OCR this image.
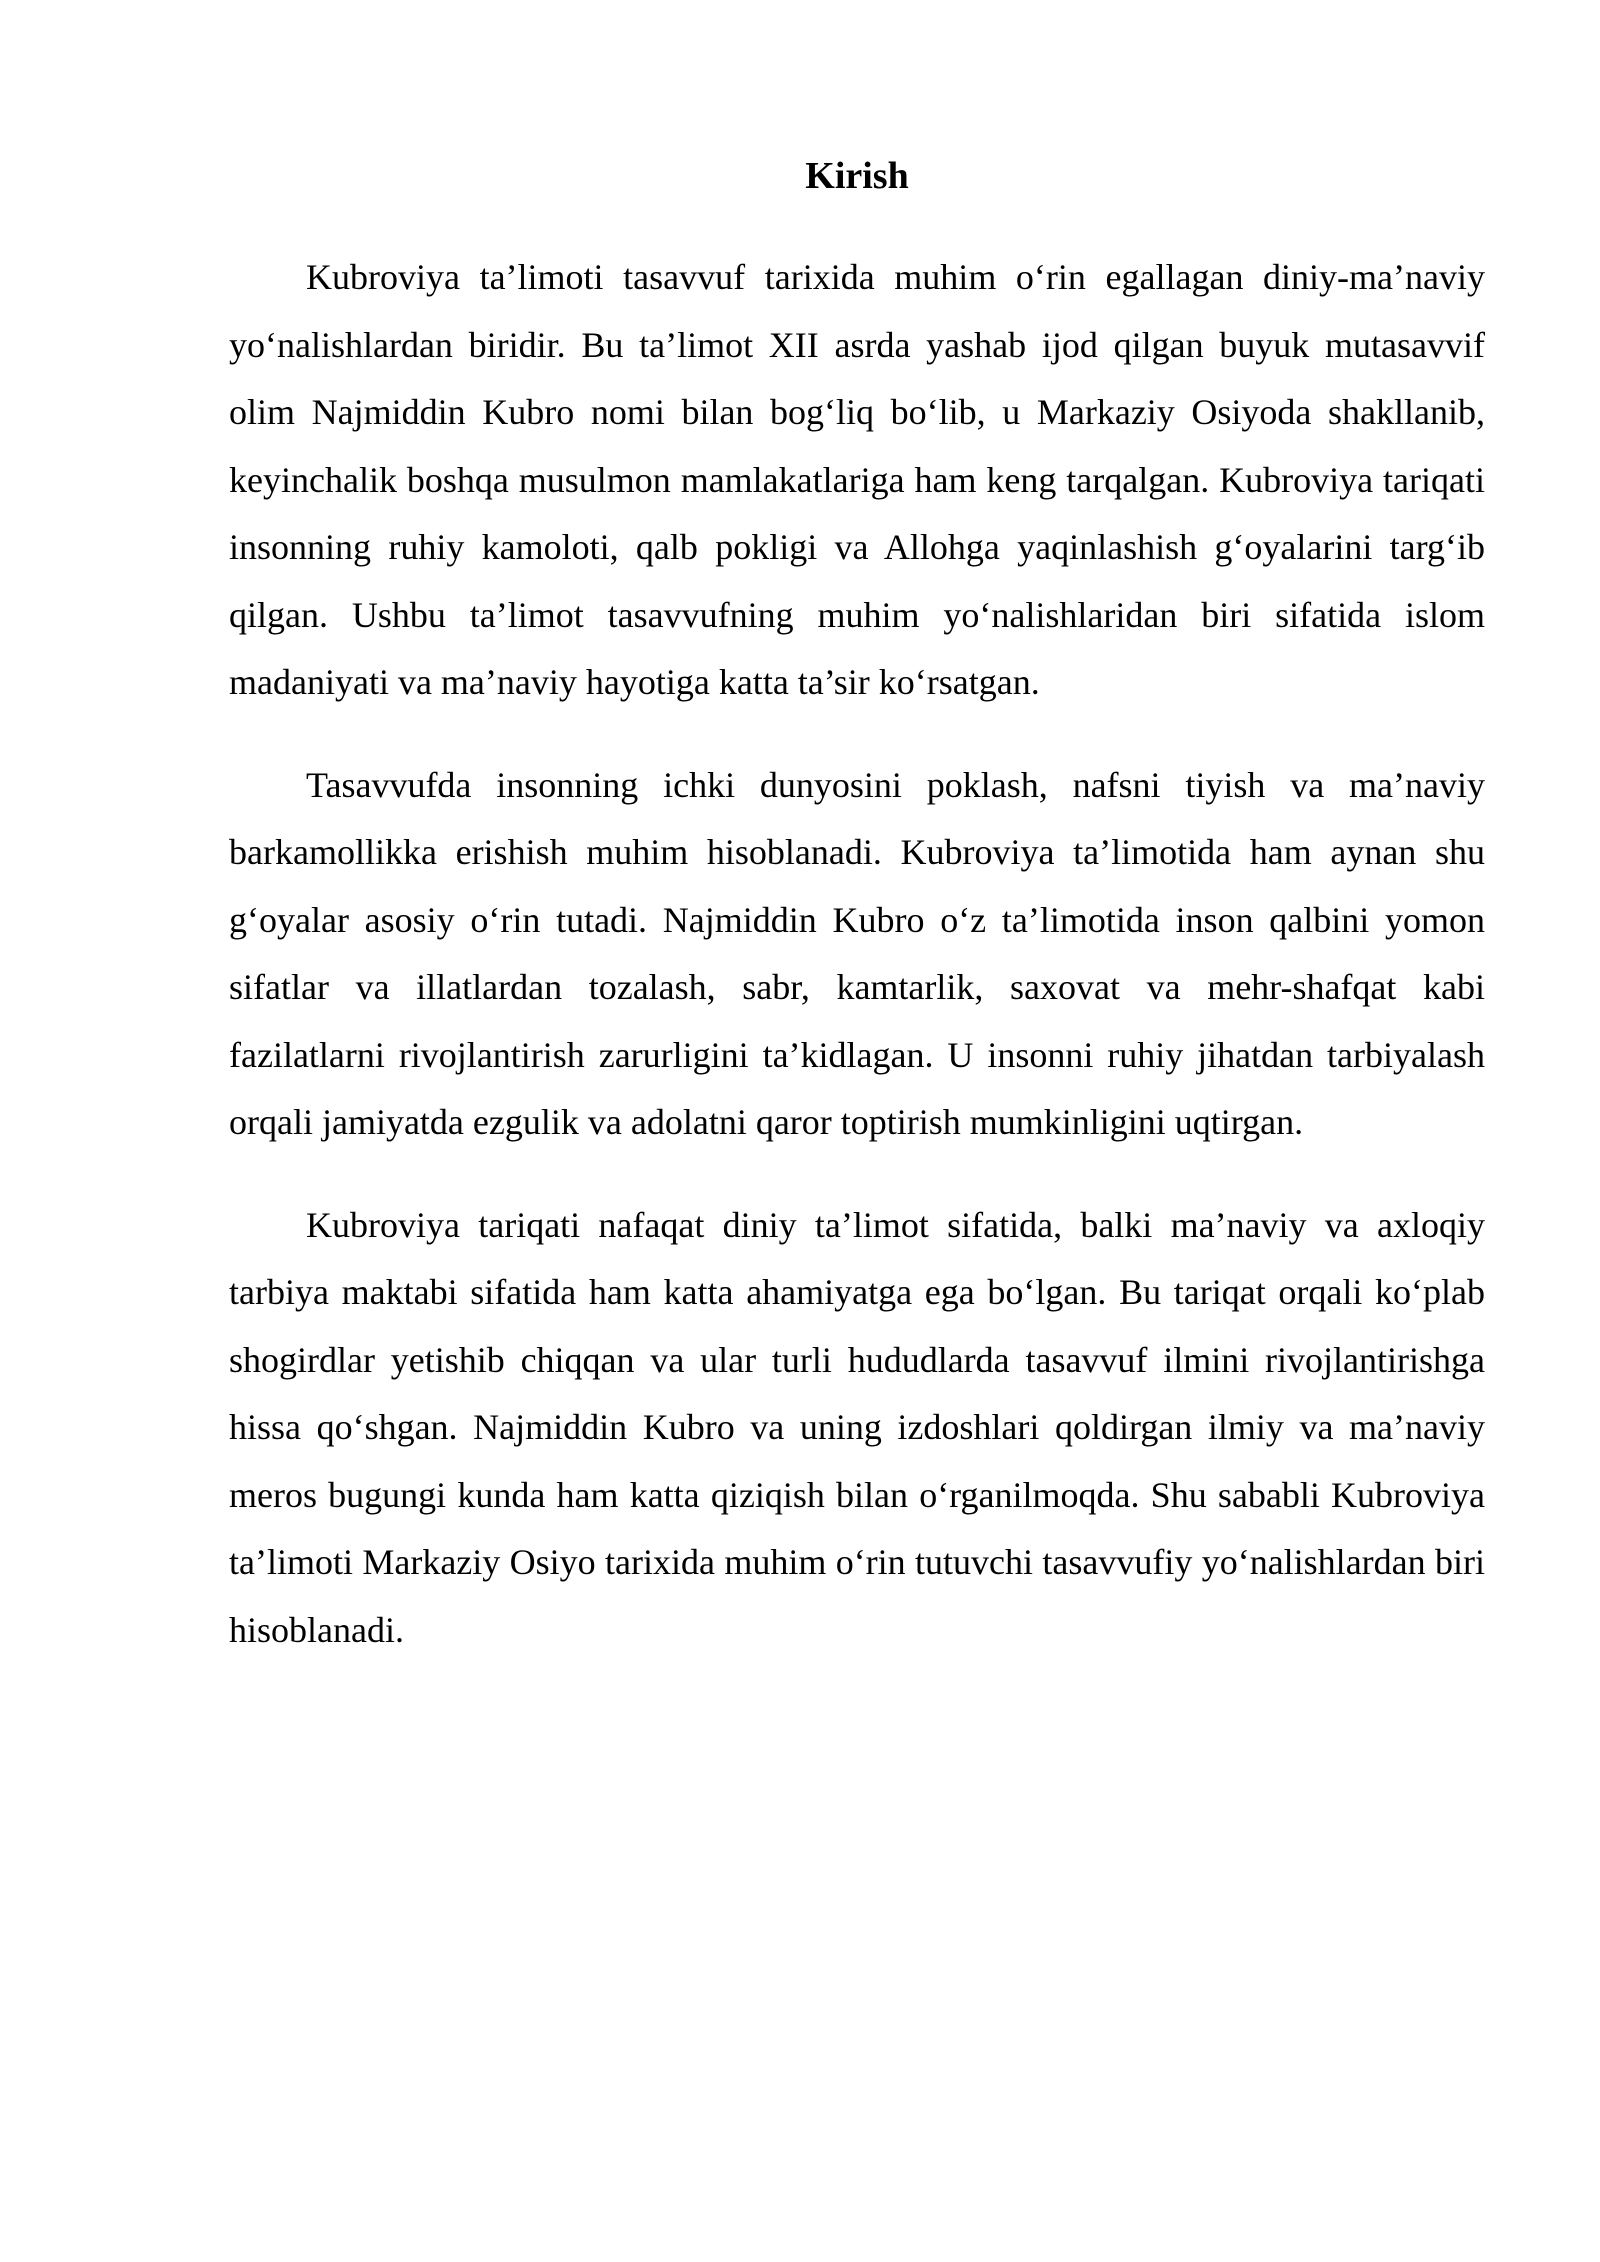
Kirish

Kubroviya ta’limoti tasavvuf tarixida muhim o‘rin egallagan diniy-ma’naviy yo‘nalishlardan biridir. Bu ta’limot XII asrda yashab ijod qilgan buyuk mutasavvif olim Najmiddin Kubro nomi bilan bog‘liq bo‘lib, u Markaziy Osiyoda shakllanib, keyinchalik boshqa musulmon mamlakatlariga ham keng tarqalgan. Kubroviya tariqati insonning ruhiy kamoloti, qalb pokligi va Allohga yaqinlashish g‘oyalarini targ‘ib qilgan. Ushbu ta’limot tasavvufning muhim yo‘nalishlaridan biri sifatida islom madaniyati va ma’naviy hayotiga katta ta’sir ko‘rsatgan.

Tasavvufda insonning ichki dunyosini poklash, nafsni tiyish va ma’naviy barkamollikka erishish muhim hisoblanadi. Kubroviya ta’limotida ham aynan shu g‘oyalar asosiy o‘rin tutadi. Najmiddin Kubro o‘z ta’limotida inson qalbini yomon sifatlar va illatlardan tozalash, sabr, kamtarlik, saxovat va mehr-shafqat kabi fazilatlarni rivojlantirish zarurligini ta’kidlagan. U insonni ruhiy jihatdan tarbiyalash orqali jamiyatda ezgulik va adolatni qaror toptirish mumkinligini uqtirgan.

Kubroviya tariqati nafaqat diniy ta’limot sifatida, balki ma’naviy va axloqiy tarbiya maktabi sifatida ham katta ahamiyatga ega bo‘lgan. Bu tariqat orqali ko‘plab shogirdlar yetishib chiqqan va ular turli hududlarda tasavvuf ilmini rivojlantirishga hissa qo‘shgan. Najmiddin Kubro va uning izdoshlari qoldirgan ilmiy va ma’naviy meros bugungi kunda ham katta qiziqish bilan o‘rganilmoqda. Shu sababli Kubroviya ta’limoti Markaziy Osiyo tarixida muhim o‘rin tutuvchi tasavvufiy yo‘nalishlardan biri hisoblanadi.
